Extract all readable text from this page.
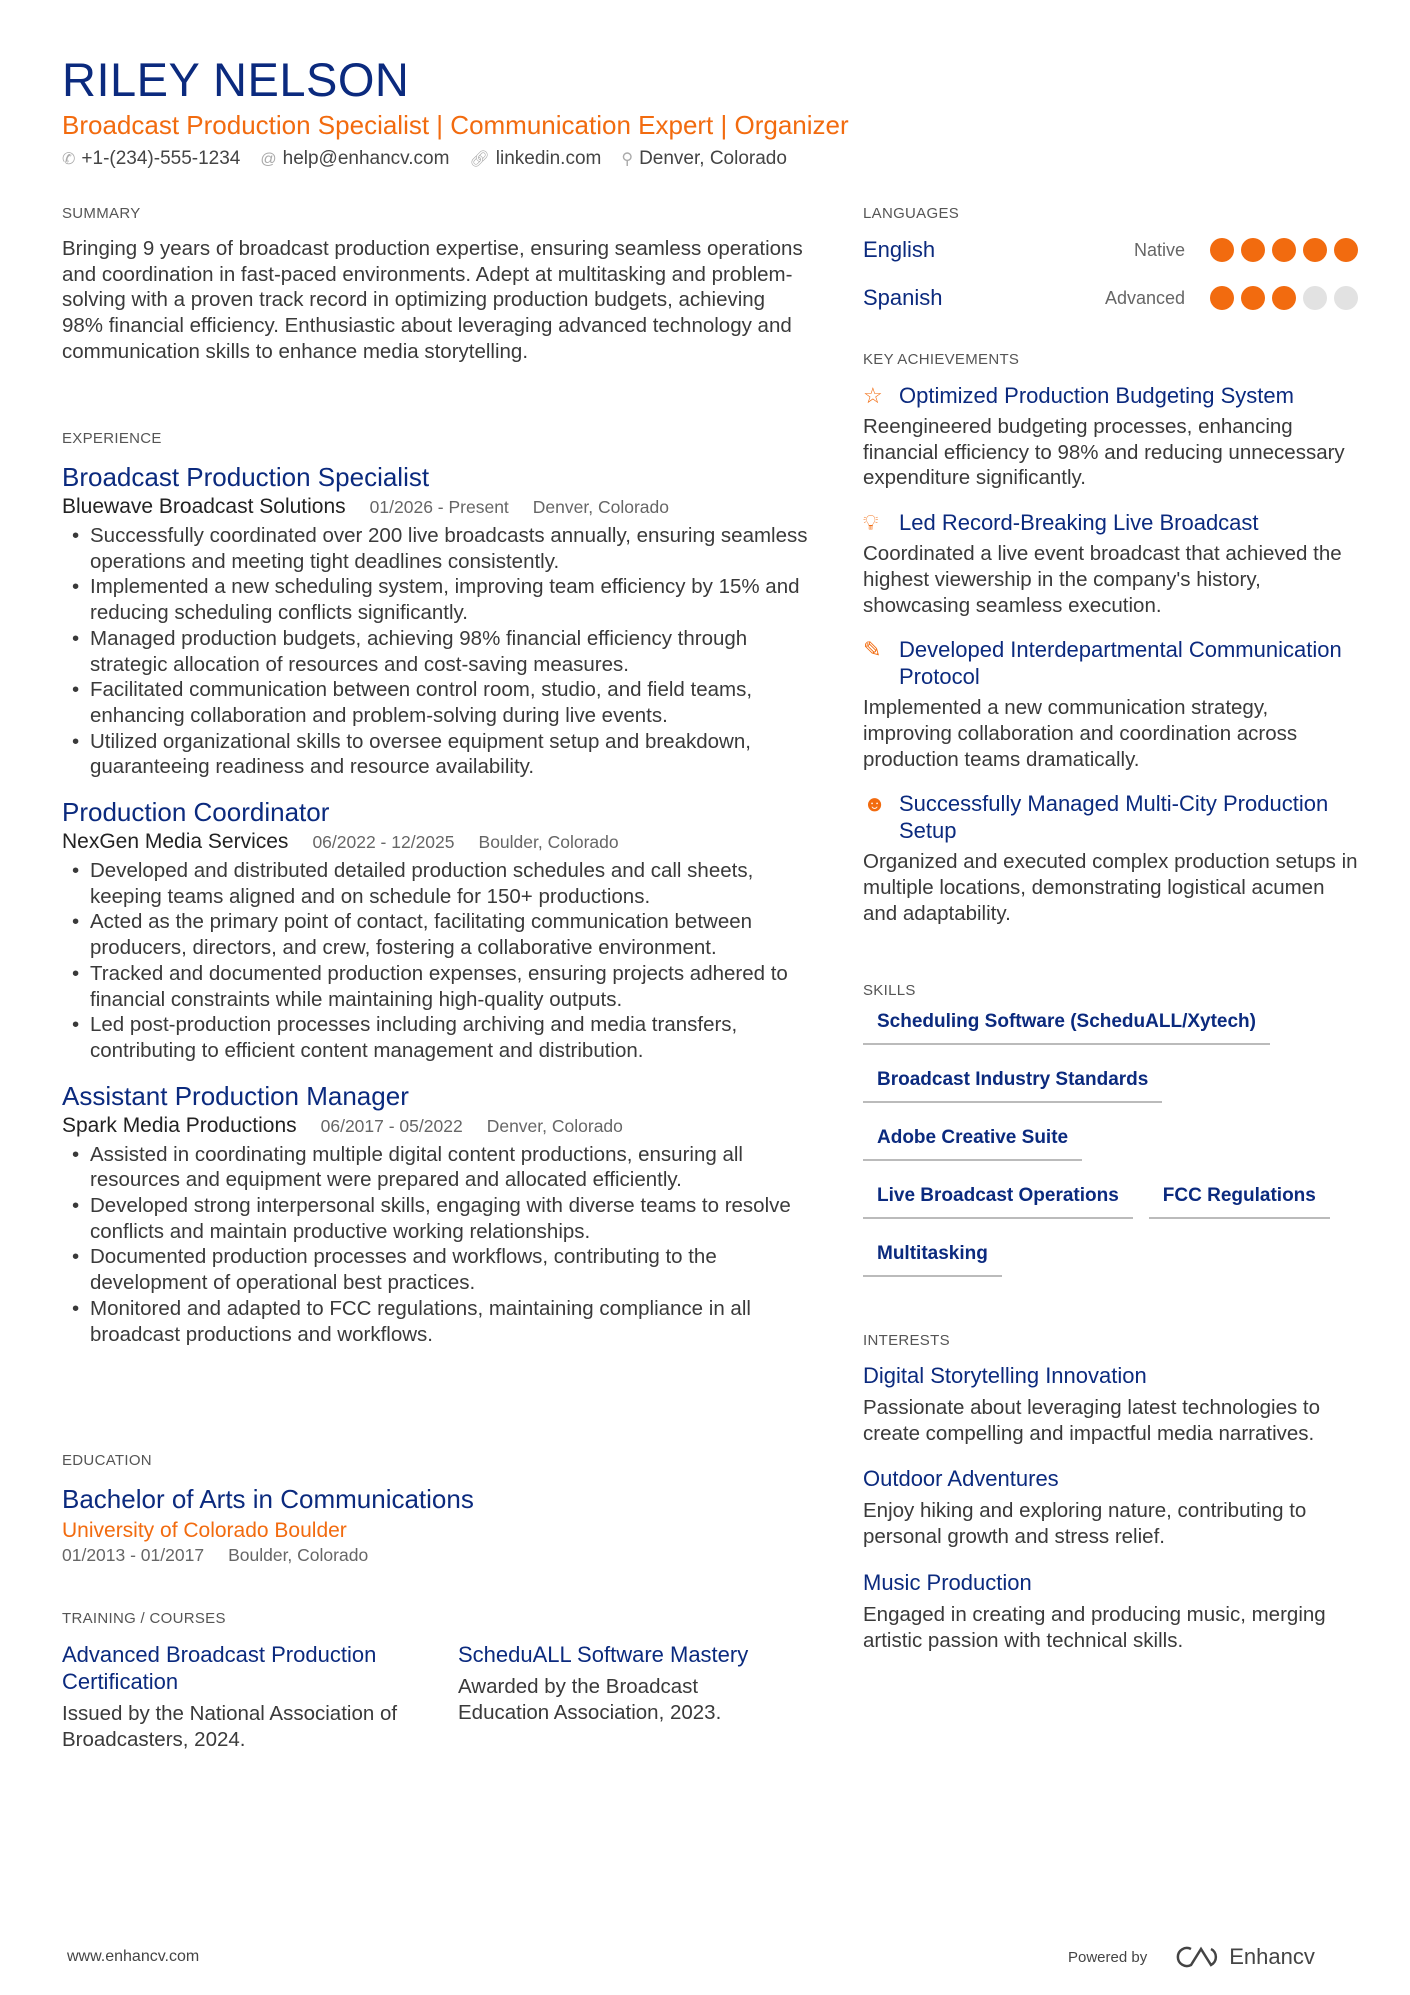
RILEY NELSON
Broadcast Production Specialist | Communication Expert | Organizer
✆ +1-(234)-555-1234 @ help@enhancv.com 🔗︎ linkedin.com ⚲ Denver, Colorado
SUMMARY
Bringing 9 years of broadcast production expertise, ensuring seamless operations and coordination in fast-paced environments. Adept at multitasking and problem-solving with a proven track record in optimizing production budgets, achieving 98% financial efficiency. Enthusiastic about leveraging advanced technology and communication skills to enhance media storytelling.
EXPERIENCE
Broadcast Production Specialist
Bluewave Broadcast Solutions 01/2026 - Present Denver, Colorado
• Successfully coordinated over 200 live broadcasts annually, ensuring seamless operations and meeting tight deadlines consistently.
• Implemented a new scheduling system, improving team efficiency by 15% and reducing scheduling conflicts significantly.
• Managed production budgets, achieving 98% financial efficiency through strategic allocation of resources and cost-saving measures.
• Facilitated communication between control room, studio, and field teams, enhancing collaboration and problem-solving during live events.
• Utilized organizational skills to oversee equipment setup and breakdown, guaranteeing readiness and resource availability.
Production Coordinator
NexGen Media Services 06/2022 - 12/2025 Boulder, Colorado
• Developed and distributed detailed production schedules and call sheets, keeping teams aligned and on schedule for 150+ productions.
• Acted as the primary point of contact, facilitating communication between producers, directors, and crew, fostering a collaborative environment.
• Tracked and documented production expenses, ensuring projects adhered to financial constraints while maintaining high-quality outputs.
• Led post-production processes including archiving and media transfers, contributing to efficient content management and distribution.
Assistant Production Manager
Spark Media Productions 06/2017 - 05/2022 Denver, Colorado
• Assisted in coordinating multiple digital content productions, ensuring all resources and equipment were prepared and allocated efficiently.
• Developed strong interpersonal skills, engaging with diverse teams to resolve conflicts and maintain productive working relationships.
• Documented production processes and workflows, contributing to the development of operational best practices.
• Monitored and adapted to FCC regulations, maintaining compliance in all broadcast productions and workflows.
EDUCATION
Bachelor of Arts in Communications
University of Colorado Boulder
01/2013 - 01/2017 Boulder, Colorado
TRAINING / COURSES
Advanced Broadcast Production Certification
Issued by the National Association of Broadcasters, 2024.
ScheduALL Software Mastery
Awarded by the Broadcast Education Association, 2023.
LANGUAGES
English	Native
Spanish	Advanced
KEY ACHIEVEMENTS
☆ Optimized Production Budgeting System
Reengineered budgeting processes, enhancing financial efficiency to 98% and reducing unnecessary expenditure significantly.
💡︎ Led Record-Breaking Live Broadcast
Coordinated a live event broadcast that achieved the highest viewership in the company's history, showcasing seamless execution.
✎ Developed Interdepartmental Communication Protocol
Implemented a new communication strategy, improving collaboration and coordination across production teams dramatically.
☻ Successfully Managed Multi-City Production Setup
Organized and executed complex production setups in multiple locations, demonstrating logistical acumen and adaptability.
SKILLS
Scheduling Software (ScheduALL/Xytech)
Broadcast Industry Standards
Adobe Creative Suite
Live Broadcast Operations	FCC Regulations
Multitasking
INTERESTS
Digital Storytelling Innovation
Passionate about leveraging latest technologies to create compelling and impactful media narratives.
Outdoor Adventures
Enjoy hiking and exploring nature, contributing to personal growth and stress relief.
Music Production
Engaged in creating and producing music, merging artistic passion with technical skills.
www.enhancv.com	Powered by	Enhancv
